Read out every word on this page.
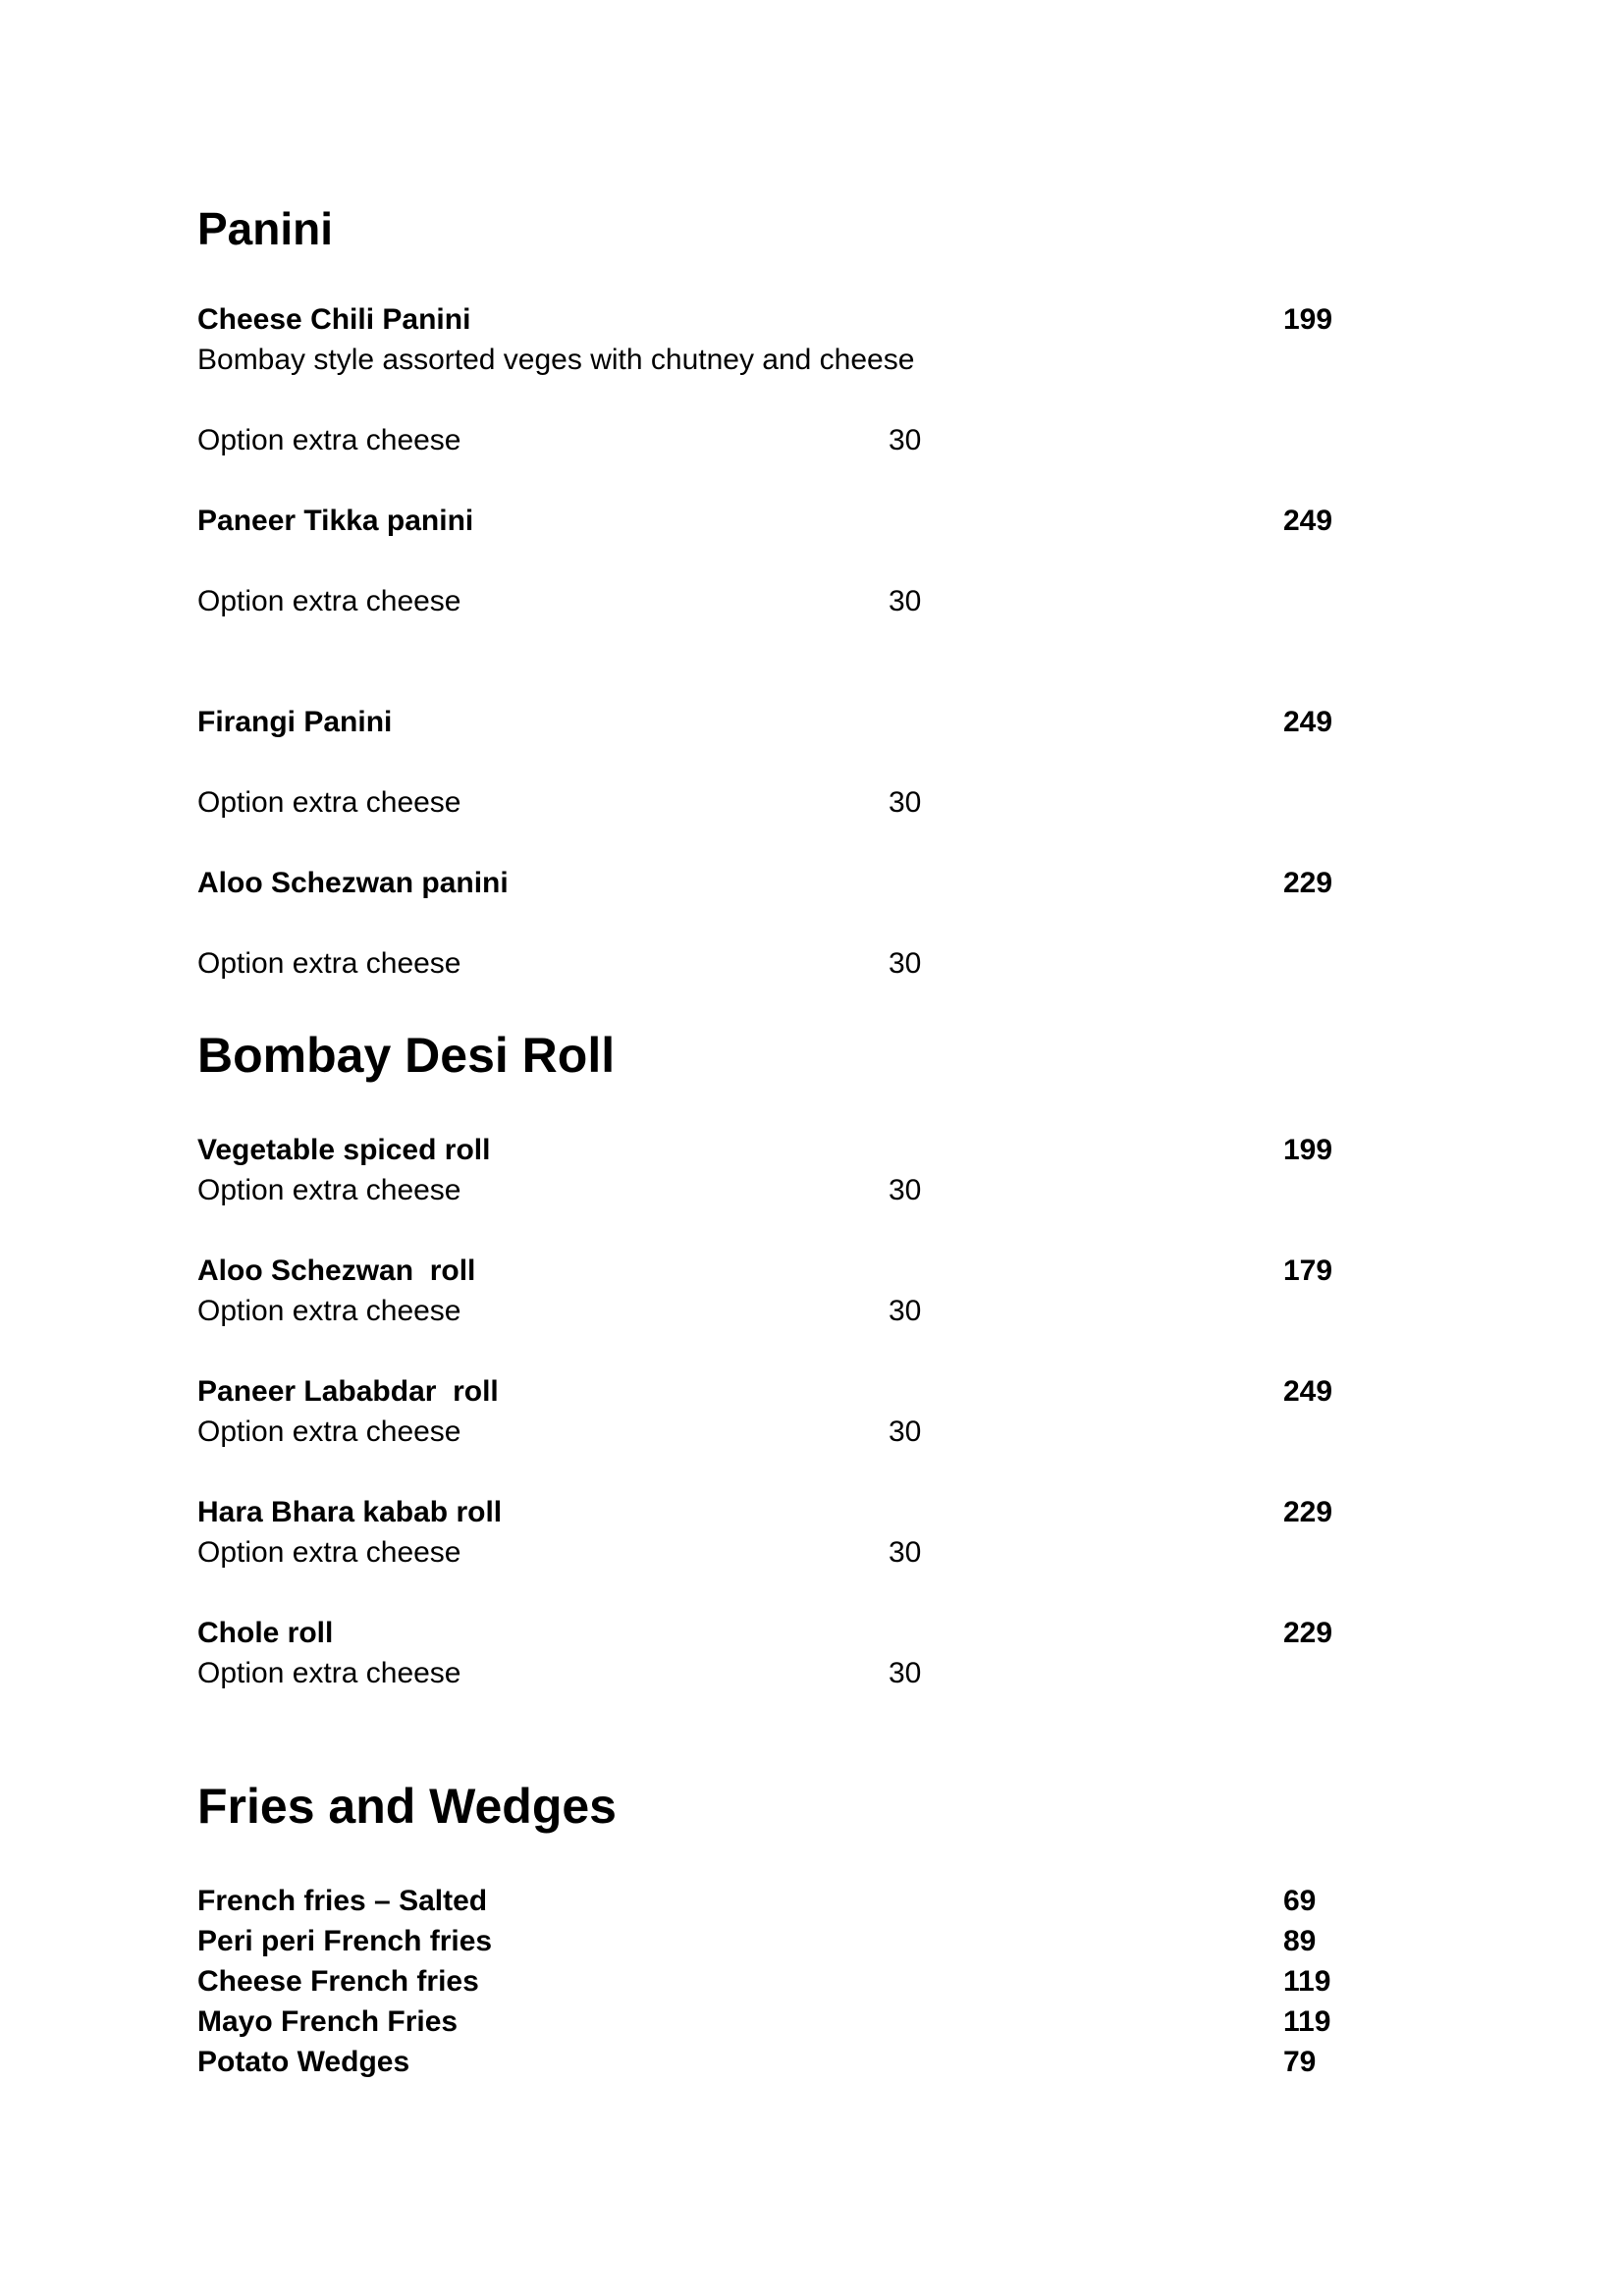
Panini
Cheese Chili Panini	199
Bombay style assorted veges with chutney and cheese
Option extra cheese	30
Paneer Tikka panini	249
Option extra cheese	30
Firangi Panini	249
Option extra cheese	30
Aloo Schezwan panini	229
Option extra cheese	30
Bombay Desi Roll
Vegetable spiced roll	199
Option extra cheese	30
Aloo Schezwan  roll	179
Option extra cheese	30
Paneer Lababdar  roll	249
Option extra cheese	30
Hara Bhara kabab roll	229
Option extra cheese	30
Chole roll	229
Option extra cheese	30
Fries and Wedges
French fries – Salted	69
Peri peri French fries	89
Cheese French fries	119
Mayo French Fries	119
Potato Wedges	79
